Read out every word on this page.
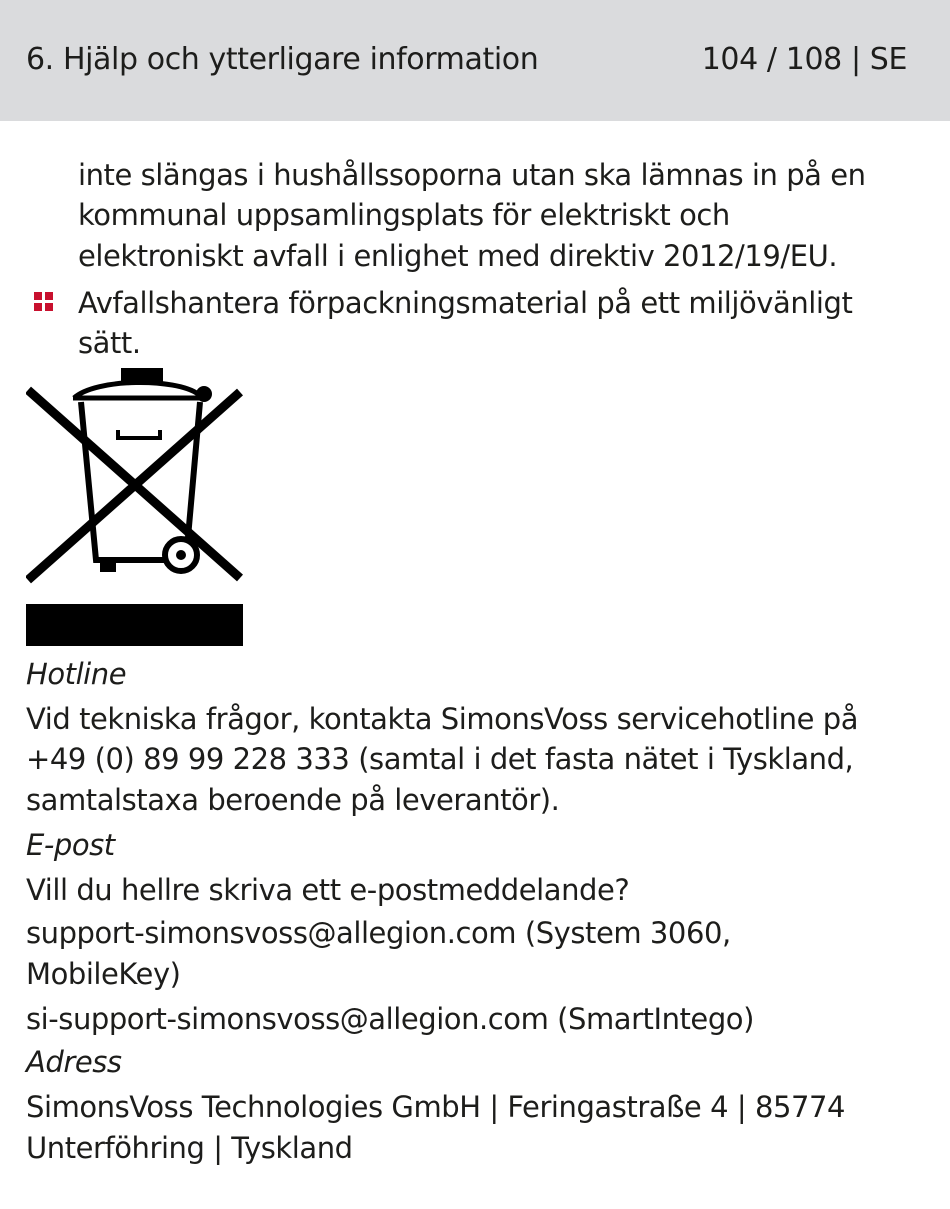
6. Hjälp och ytterligare information	104 / 108 | SE

inte slängas i hushållssoporna utan ska lämnas in på en

kommunal uppsamlingsplats för elektriskt och

elektroniskt avfall i enlighet med direktiv 2012/19/EU.

Avfallshantera förpackningsmaterial på ett miljövänligt

sätt.

Hotline

Vid tekniska frågor, kontakta SimonsVoss servicehotline på

+49 (0) 89 99 228 333 (samtal i det fasta nätet i Tyskland,

samtalstaxa beroende på leverantör).

E-post

Vill du hellre skriva ett e-postmeddelande?

support-simonsvoss@allegion.com (System 3060,

MobileKey)

si-support-simonsvoss@allegion.com (SmartIntego)

Adress

SimonsVoss Technologies GmbH | Feringastraße 4 | 85774

Unterföhring | Tyskland
